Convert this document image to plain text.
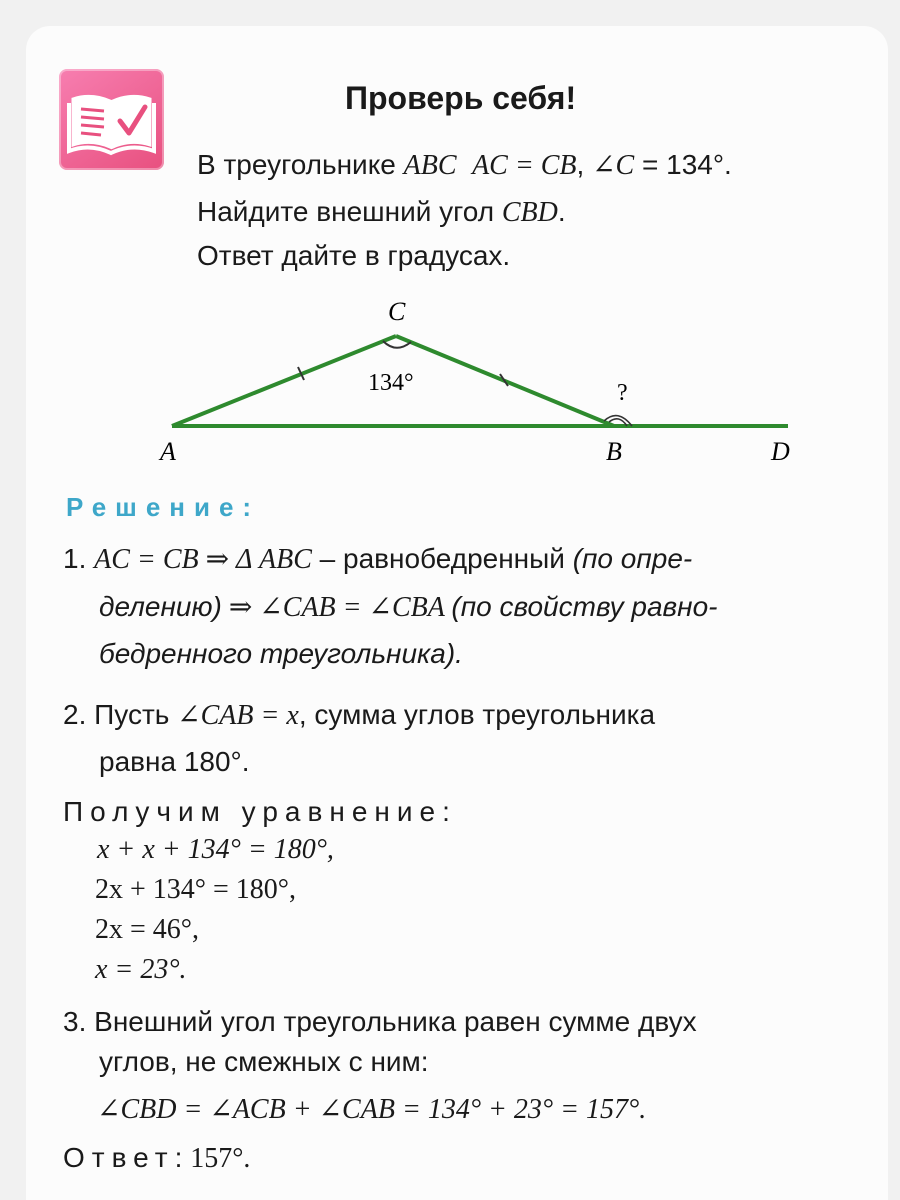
Проверь себя!
В треугольнике ABC AC = CB, ∠C = 134°.
Найдите внешний угол CBD.
Ответ дайте в градусах.
C
A	B	D
134°	?
Решение:
1. AC = CB ⇒ Δ ABC – равнобедренный (по опре-
делению) ⇒ ∠CAB = ∠CBA (по свойству равно-
бедренного треугольника).
2. Пусть ∠CAB = x, сумма углов треугольника
равна 180°.
Получим уравнение:
x + x + 134° = 180°,
2x + 134° = 180°,
2x = 46°,
x = 23°.
3. Внешний угол треугольника равен сумме двух
углов, не смежных с ним:
∠CBD = ∠ACB + ∠CAB = 134° + 23° = 157°.
Ответ: 157°.
